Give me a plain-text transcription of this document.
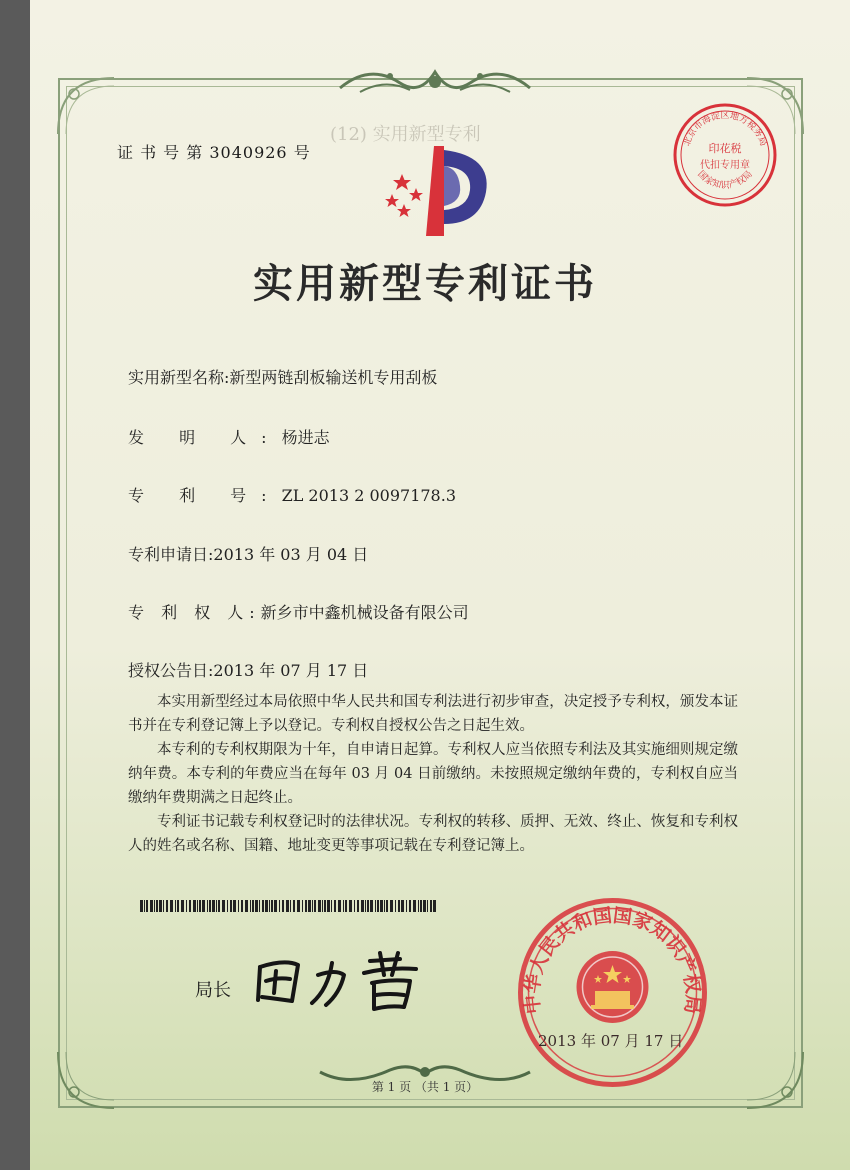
(12) 实用新型专利
证 书 号 第 3040926 号
实用新型专利证书
实用新型名称:新型两链刮板输送机专用刮板
发 明 人:杨进志
专 利 号:ZL 2013 2 0097178.3
专利申请日:2013 年 03 月 04 日
专 利 权 人:新乡市中鑫机械设备有限公司
授权公告日:2013 年 07 月 17 日

本实用新型经过本局依照中华人民共和国专利法进行初步审查，决定授予专利权，颁发本证书并在专利登记簿上予以登记。专利权自授权公告之日起生效。

本专利的专利权期限为十年，自申请日起算。专利权人应当依照专利法及其实施细则规定缴纳年费。本专利的年费应当在每年 03 月 04 日前缴纳。未按照规定缴纳年费的，专利权自应当缴纳年费期满之日起终止。

专利证书记载专利权登记时的法律状况。专利权的转移、质押、无效、终止、恢复和专利权人的姓名或名称、国籍、地址变更等事项记载在专利登记簿上。

局长
印花税
代扣专用章
北京市海淀区地方税务局
国家知识产权局
中华人民共和国国家知识产权局
2013 年 07 月 17 日
第 1 页 （共 1 页）
